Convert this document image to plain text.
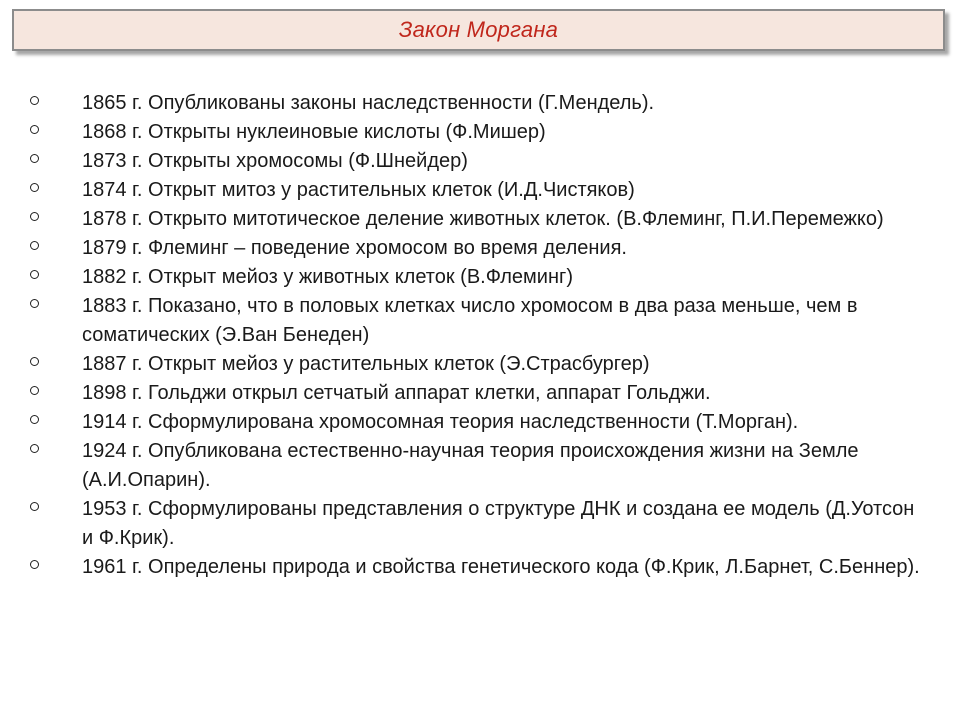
Закон Моргана
1865 г. Опубликованы законы наследственности (Г.Мендель).
1868 г. Открыты нуклеиновые кислоты (Ф.Мишер)
1873 г. Открыты хромосомы (Ф.Шнейдер)
1874 г. Открыт митоз у растительных клеток (И.Д.Чистяков)
1878 г. Открыто митотическое деление животных клеток. (В.Флеминг, П.И.Перемежко)
1879 г. Флеминг – поведение хромосом во время деления.
1882 г. Открыт мейоз у животных клеток (В.Флеминг)
1883 г. Показано, что в половых клетках число хромосом в два раза меньше, чем в соматических (Э.Ван Бенеден)
1887 г. Открыт мейоз у растительных клеток (Э.Страсбургер)
1898 г. Гольджи открыл сетчатый аппарат клетки, аппарат Гольджи.
1914 г. Сформулирована хромосомная теория наследственности (Т.Морган).
1924 г. Опубликована естественно-научная теория происхождения жизни на Земле (А.И.Опарин).
1953 г. Сформулированы представления о структуре ДНК и создана ее модель (Д.Уотсон и Ф.Крик).
1961 г. Определены природа и свойства генетического кода (Ф.Крик, Л.Барнет, С.Беннер).
